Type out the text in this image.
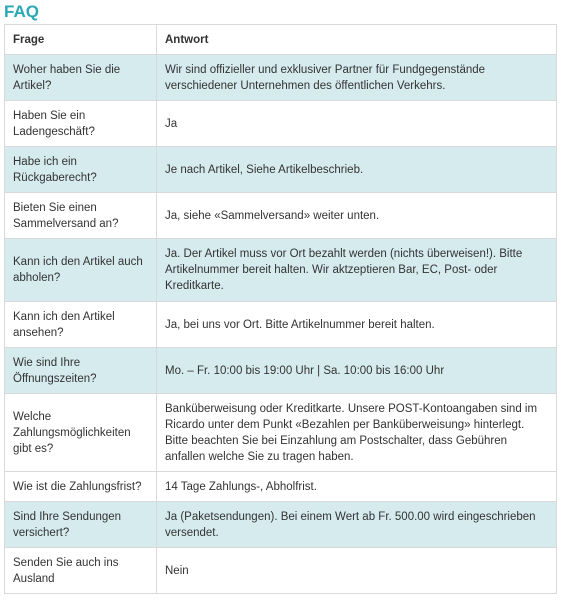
FAQ
Frage	Antwort
Woher haben Sie die Artikel?	Wir sind offizieller und exklusiver Partner für Fundgegenstände verschiedener Unternehmen des öffentlichen Verkehrs.
Haben Sie ein Ladengeschäft?	Ja
Habe ich ein Rückgaberecht?	Je nach Artikel, Siehe Artikelbeschrieb.
Bieten Sie einen Sammelversand an?	Ja, siehe «Sammelversand» weiter unten.
Kann ich den Artikel auch abholen?	Ja. Der Artikel muss vor Ort bezahlt werden (nichts überweisen!). Bitte Artikelnummer bereit halten. Wir aktzeptieren Bar, EC, Post- oder Kreditkarte.
Kann ich den Artikel ansehen?	Ja, bei uns vor Ort. Bitte Artikelnummer bereit halten.
Wie sind Ihre Öffnungszeiten?	Mo. – Fr. 10:00 bis 19:00 Uhr | Sa. 10:00 bis 16:00 Uhr
Welche Zahlungsmöglichkeiten gibt es?	Banküberweisung oder Kreditkarte. Unsere POST-Kontoangaben sind im Ricardo unter dem Punkt «Bezahlen per Banküberweisung» hinterlegt. Bitte beachten Sie bei Einzahlung am Postschalter, dass Gebühren anfallen welche Sie zu tragen haben.
Wie ist die Zahlungsfrist?	14 Tage Zahlungs-, Abholfrist.
Sind Ihre Sendungen versichert?	Ja (Paketsendungen). Bei einem Wert ab Fr. 500.00 wird eingeschrieben versendet.
Senden Sie auch ins Ausland	Nein
